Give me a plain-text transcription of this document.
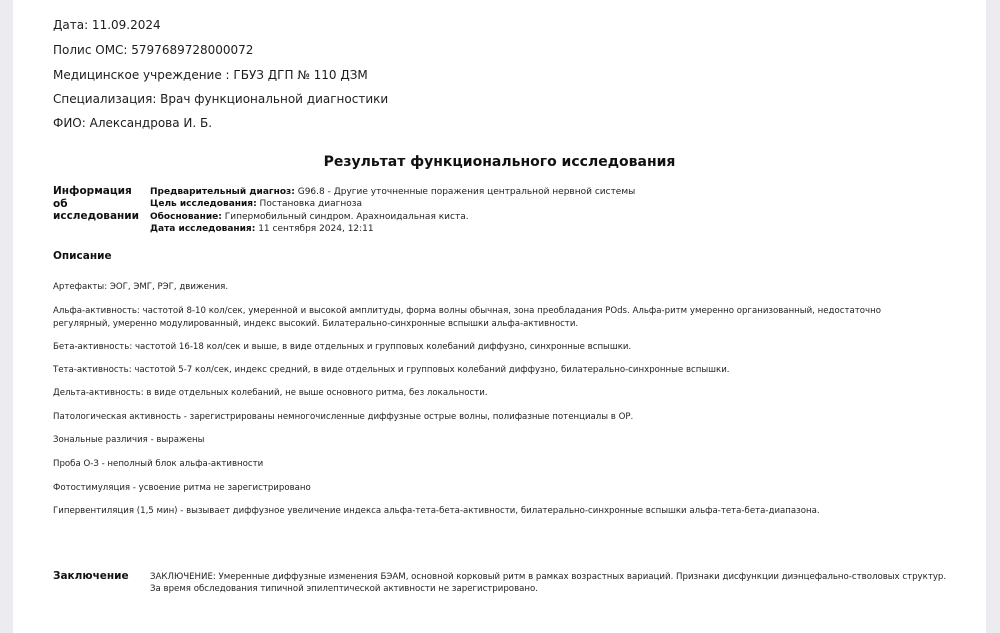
Дата: 11.09.2024
Полис ОМС: 5797689728000072
Медицинское учреждение : ГБУЗ ДГП № 110 ДЗМ
Специализация: Врач функциональной диагностики
ФИО: Александрова И. Б.
Результат функционального исследования
Информация об исследовании
Предварительный диагноз: G96.8 - Другие уточненные поражения центральной нервной системы
Цель исследования: Постановка диагноза
Обоснование: Гипермобильный синдром. Арахноидальная киста.
Дата исследования: 11 сентября 2024, 12:11
Описание
Артефакты: ЭОГ, ЭМГ, РЭГ, движения.
Альфа-активность: частотой 8-10 кол/сек, умеренной и высокой амплитуды, форма волны обычная, зона преобладания POds. Альфа-ритм умеренно организованный, недостаточно регулярный, умеренно модулированный, индекс высокий. Билатерально-синхронные вспышки альфа-активности.
Бета-активность: частотой 16-18 кол/сек и выше, в виде отдельных и групповых колебаний диффузно, синхронные вспышки.
Тета-активность: частотой 5-7 кол/сек, индекс средний, в виде отдельных и групповых колебаний диффузно, билатерально-синхронные вспышки.
Дельта-активность: в виде отдельных колебаний, не выше основного ритма, без локальности.
Патологическая активность - зарегистрированы немногочисленные диффузные острые волны, полифазные потенциалы в ОР.
Зональные различия - выражены
Проба О-З - неполный блок альфа-активности
Фотостимуляция - усвоение ритма не зарегистрировано
Гипервентиляция (1,5 мин) - вызывает диффузное увеличение индекса альфа-тета-бета-активности, билатерально-синхронные вспышки альфа-тета-бета-диапазона.
Заключение ЗАКЛЮЧЕНИЕ: Умеренные диффузные изменения БЭАМ, основной корковый ритм в рамках возрастных вариаций. Признаки дисфункции диэнцефально-стволовых структур.
За время обследования типичной эпилептической активности не зарегистрировано.
